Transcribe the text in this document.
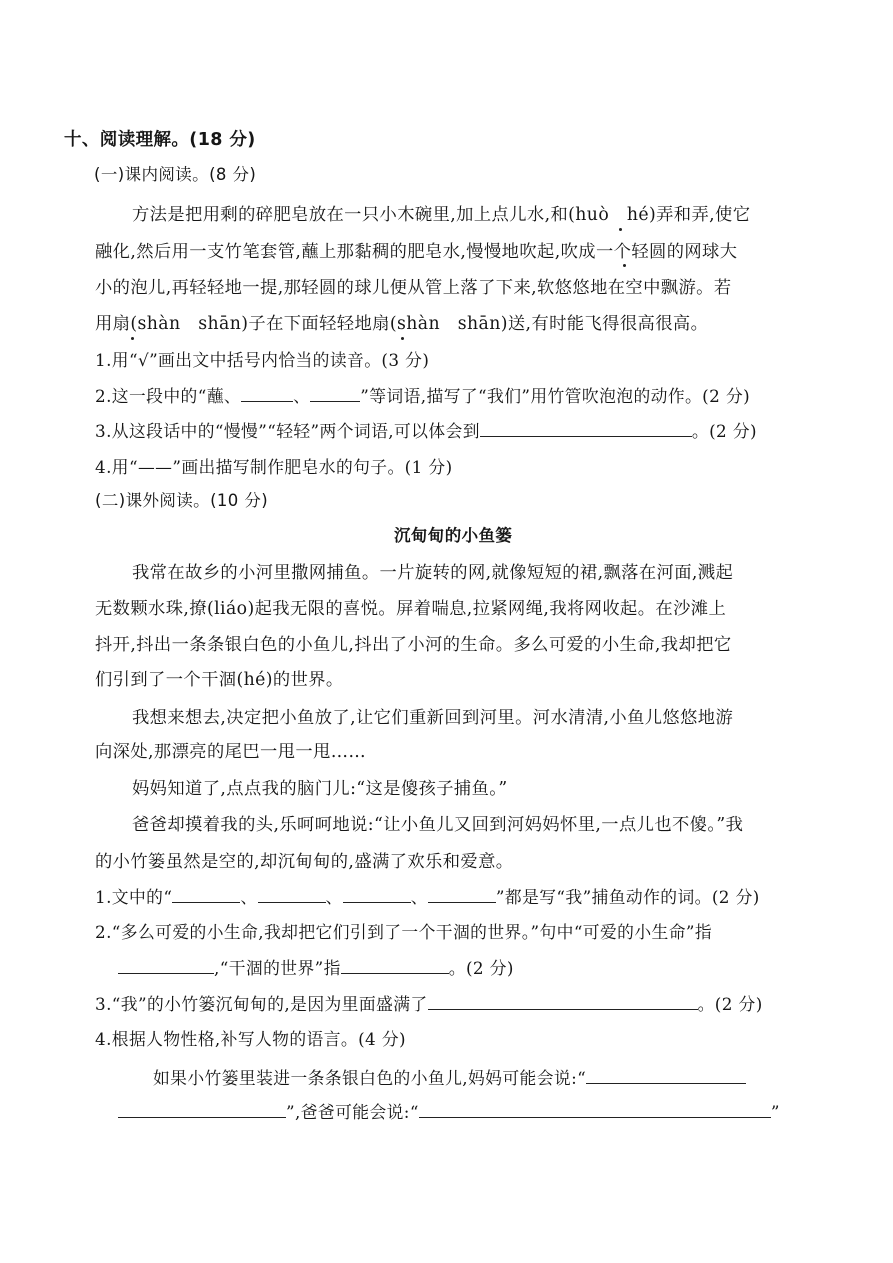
十、阅读理解。(18 分)
(一)课内阅读。(8 分)
方法是把用剩的碎肥皂放在一只小木碗里,加上点儿水,和(huò　hé)弄和弄,使它
融化,然后用一支竹笔套管,蘸上那黏稠的肥皂水,慢慢地吹起,吹成一个轻圆的网球大
小的泡儿,再轻轻地一提,那轻圆的球儿便从管上落了下来,软悠悠地在空中飘游。若
用扇(shàn　shān)子在下面轻轻地扇(shàn　shān)送,有时能飞得很高很高。
1.用“√”画出文中括号内恰当的读音。(3 分)
2.这一段中的“蘸、	、	”等词语,描写了“我们”用竹管吹泡泡的动作。(2 分)
3.从这段话中的“慢慢”“轻轻”两个词语,可以体会到	。(2 分)
4.用“——”画出描写制作肥皂水的句子。(1 分)
(二)课外阅读。(10 分)
沉甸甸的小鱼篓
我常在故乡的小河里撒网捕鱼。一片旋转的网,就像短短的裙,飘落在河面,溅起
无数颗水珠,撩(liáo)起我无限的喜悦。屏着喘息,拉紧网绳,我将网收起。在沙滩上
抖开,抖出一条条银白色的小鱼儿,抖出了小河的生命。多么可爱的小生命,我却把它
们引到了一个干涸(hé)的世界。
我想来想去,决定把小鱼放了,让它们重新回到河里。河水清清,小鱼儿悠悠地游
向深处,那漂亮的尾巴一甩一甩……
妈妈知道了,点点我的脑门儿:“这是傻孩子捕鱼。”
爸爸却摸着我的头,乐呵呵地说:“让小鱼儿又回到河妈妈怀里,一点儿也不傻。”我
的小竹篓虽然是空的,却沉甸甸的,盛满了欢乐和爱意。
1.文中的“	、	、	、	”都是写“我”捕鱼动作的词。(2 分)
2.“多么可爱的小生命,我却把它们引到了一个干涸的世界。”句中“可爱的小生命”指
,“干涸的世界”指	。(2 分)
3.“我”的小竹篓沉甸甸的,是因为里面盛满了	。(2 分)
4.根据人物性格,补写人物的语言。(4 分)
如果小竹篓里装进一条条银白色的小鱼儿,妈妈可能会说:“
”,爸爸可能会说:“	”
